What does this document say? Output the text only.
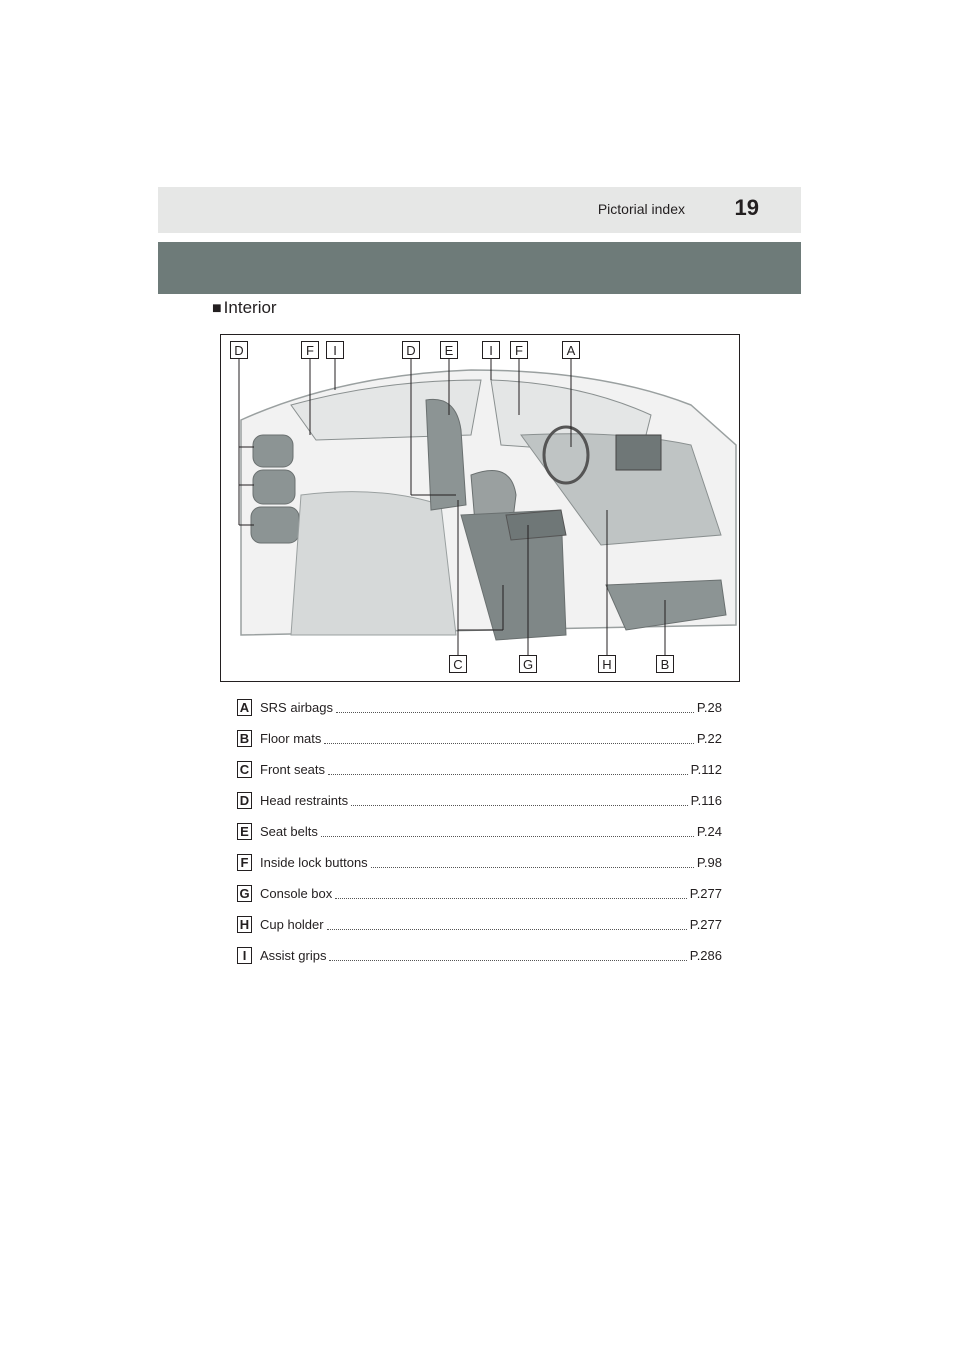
Pictorial index 19
■ Interior
D	F	I	D	E	I	F	A
C	G	H	B
A SRS airbags	P.28
B Floor mats	P.22
C Front seats	P.112
D Head restraints	P.116
E Seat belts	P.24
F Inside lock buttons	P.98
G Console box	P.277
H Cup holder	P.277
I	Assist grips	P.286
